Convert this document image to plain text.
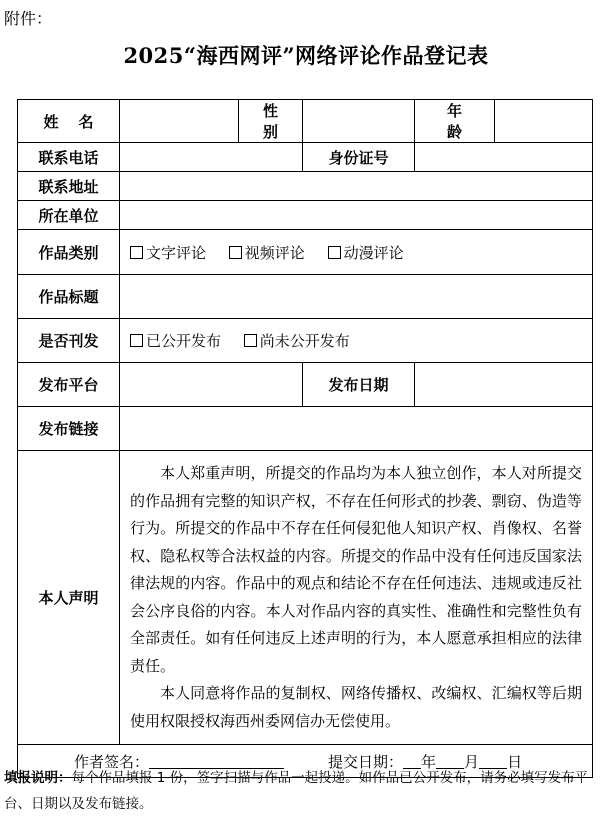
附件：
2025“海西网评”网络评论作品登记表
姓名		性别		年龄	
联系电话			身份证号		
联系地址					
所在单位					
作品类别	文字评论 视频评论 动漫评论				
作品标题					
是否刊发	已公开发布 尚未公开发布				
发布平台			发布日期		
发布链接					
本人声明	本人郑重声明，所提交的作品均为本人独立创作，本人对所提交的作品拥有完整的知识产权，不存在任何形式的抄袭、剽窃、伪造等行为。所提交的作品中不存在任何侵犯他人知识产权、肖像权、名誉权、隐私权等合法权益的内容。所提交的作品中没有任何违反国家法律法规的内容。作品中的观点和结论不存在任何违法、违规或违反社会公序良俗的内容。本人对作品内容的真实性、准确性和完整性负有全部责任。如有任何违反上述声明的行为，本人愿意承担相应的法律责任。

本人同意将作品的复制权、网络传播权、改编权、汇编权等后期使用权限授权海西州委网信办无偿使用。				

作者签名： 提交日期： 年 月 日					
填报说明：每个作品填报 1 份，签字扫描与作品一起投递。如作品已公开发布，请务必填写发布平台、日期以及发布链接。
